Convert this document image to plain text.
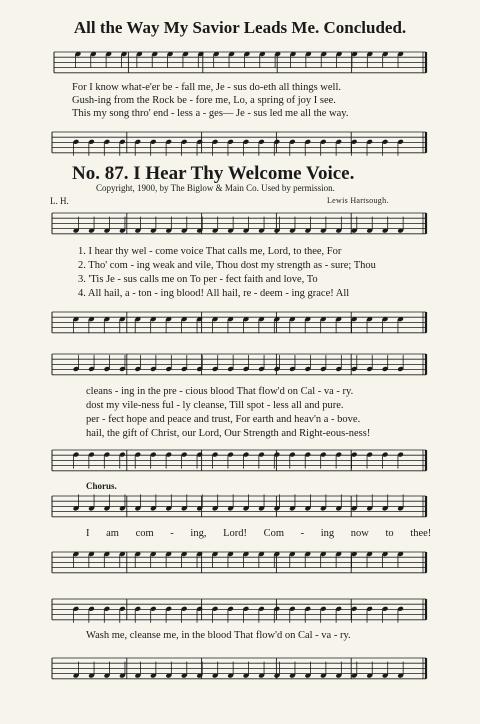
All the Way My Savior Leads Me. Concluded.
For I know what-e'er be - fall me, Je - sus do-eth all things well.
Gush-ing from the Rock be - fore me, Lo, a spring of joy I see.
This my song thro' end - less a - ges— Je - sus led me all the way.
No. 87. I Hear Thy Welcome Voice.
Copyright, 1900, by The Biglow & Main Co. Used by permission.
L. H.	Lewis Hartsough.
1. I hear thy wel - come voice That calls me, Lord, to thee, For
2. Tho' com - ing weak and vile, Thou dost my strength as - sure; Thou
3. 'Tis Je - sus calls me on To per - fect faith and love, To
4. All hail, a - ton - ing blood! All hail, re - deem - ing grace! All
cleans - ing in the pre - cious blood That flow'd on Cal - va - ry.
dost my vile-ness ful - ly cleanse, Till spot - less all and pure.
per - fect hope and peace and trust, For earth and heav'n a - bove.
hail, the gift of Christ, our Lord, Our Strength and Right-eous-ness!
Chorus.
I am com - ing, Lord! Com - ing now to thee!
Wash me, cleanse me, in the blood That flow'd on Cal - va - ry.
